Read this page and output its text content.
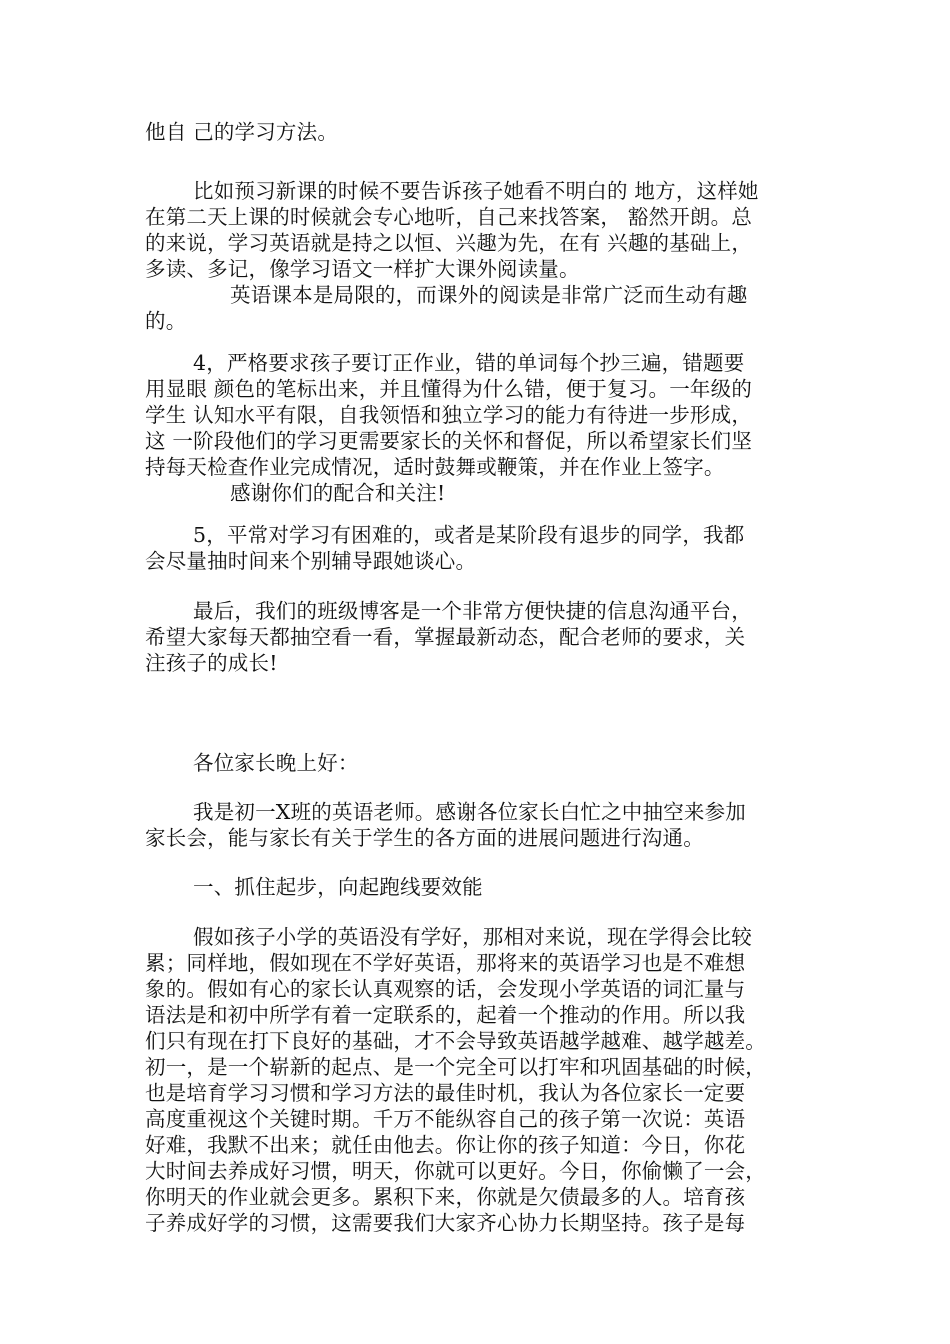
他自 己的学习方法。
比如预习新课的时候不要告诉孩子她看不明白的 地方，这样她
在第二天上课的时候就会专心地听，自己来找答案， 豁然开朗。总
的来说，学习英语就是持之以恒、兴趣为先，在有 兴趣的基础上，
多读、多记，像学习语文一样扩大课外阅读量。
英语课本是局限的，而课外的阅读是非常广泛而生动有趣
的。
4，严格要求孩子要订正作业，错的单词每个抄三遍，错题要
用显眼 颜色的笔标出来，并且懂得为什么错，便于复习。一年级的
学生 认知水平有限，自我领悟和独立学习的能力有待进一步形成，
这 一阶段他们的学习更需要家长的关怀和督促，所以希望家长们坚
持每天检查作业完成情况，适时鼓舞或鞭策，并在作业上签字。
感谢你们的配合和关注!
5，平常对学习有困难的，或者是某阶段有退步的同学，我都
会尽量抽时间来个别辅导跟她谈心。
最后，我们的班级博客是一个非常方便快捷的信息沟通平台，
希望大家每天都抽空看一看，掌握最新动态，配合老师的要求，关
注孩子的成长!
各位家长晚上好：
我是初一X班的英语老师。感谢各位家长白忙之中抽空来参加
家长会，能与家长有关于学生的各方面的进展问题进行沟通。
一、抓住起步，向起跑线要效能
假如孩子小学的英语没有学好，那相对来说，现在学得会比较
累；同样地，假如现在不学好英语，那将来的英语学习也是不难想
象的。假如有心的家长认真观察的话，会发现小学英语的词汇量与
语法是和初中所学有着一定联系的，起着一个推动的作用。所以我
们只有现在打下良好的基础，才不会导致英语越学越难、越学越差。
初一，是一个崭新的起点、是一个完全可以打牢和巩固基础的时候，
也是培育学习习惯和学习方法的最佳时机，我认为各位家长一定要
高度重视这个关键时期。千万不能纵容自己的孩子第一次说：英语
好难，我默不出来；就任由他去。你让你的孩子知道：今日，你花
大时间去养成好习惯，明天，你就可以更好。今日，你偷懒了一会，
你明天的作业就会更多。累积下来，你就是欠债最多的人。培育孩
子养成好学的习惯，这需要我们大家齐心协力长期坚持。孩子是每
